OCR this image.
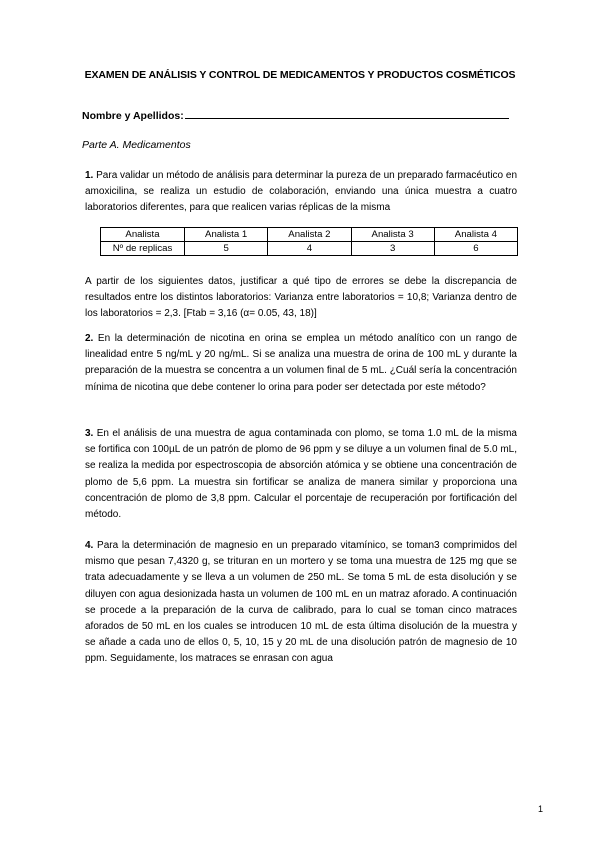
EXAMEN DE ANÁLISIS Y CONTROL DE MEDICAMENTOS Y PRODUCTOS COSMÉTICOS
Nombre y Apellidos:
Parte A. Medicamentos
1. Para validar un método de análisis para determinar la pureza de un preparado farmacéutico en amoxicilina, se realiza un estudio de colaboración, enviando una única muestra a cuatro laboratorios diferentes, para que realicen varias réplicas de la misma
Analista	Analista 1	Analista 2	Analista 3	Analista 4
Nº de replicas	5	4	3	6
A partir de los siguientes datos, justificar a qué tipo de errores se debe la discrepancia de resultados entre los distintos laboratorios: Varianza entre laboratorios = 10,8; Varianza dentro de los laboratorios = 2,3. [Ftab = 3,16 (α= 0.05, 43, 18)]
2. En la determinación de nicotina en orina se emplea un método analítico con un rango de linealidad entre 5 ng/mL y 20 ng/mL. Si se analiza una muestra de orina de 100 mL y durante la preparación de la muestra se concentra a un volumen final de 5 mL. ¿Cuál sería la concentración mínima de nicotina que debe contener lo orina para poder ser detectada por este método?
3. En el análisis de una muestra de agua contaminada con plomo, se toma 1.0 mL de la misma se fortifica con 100µL de un patrón de plomo de 96 ppm y se diluye a un volumen final de 5.0 mL, se realiza la medida por espectroscopia de absorción atómica y se obtiene una concentración de plomo de 5,6 ppm. La muestra sin fortificar se analiza de manera similar y proporciona una concentración de plomo de 3,8 ppm. Calcular el porcentaje de recuperación por fortificación del método.
4. Para la determinación de magnesio en un preparado vitamínico, se toman3 comprimidos del mismo que pesan 7,4320 g, se trituran en un mortero y se toma una muestra de 125 mg que se trata adecuadamente y se lleva a un volumen de 250 mL. Se toma 5 mL de esta disolución y se diluyen con agua desionizada hasta un volumen de 100 mL en un matraz aforado. A continuación se procede a la preparación de la curva de calibrado, para lo cual se toman cinco matraces aforados de 50 mL en los cuales se introducen 10 mL de esta última disolución de la muestra y se añade a cada uno de ellos 0, 5, 10, 15 y 20 mL de una disolución patrón de magnesio de 10 ppm. Seguidamente, los matraces se enrasan con agua
1
